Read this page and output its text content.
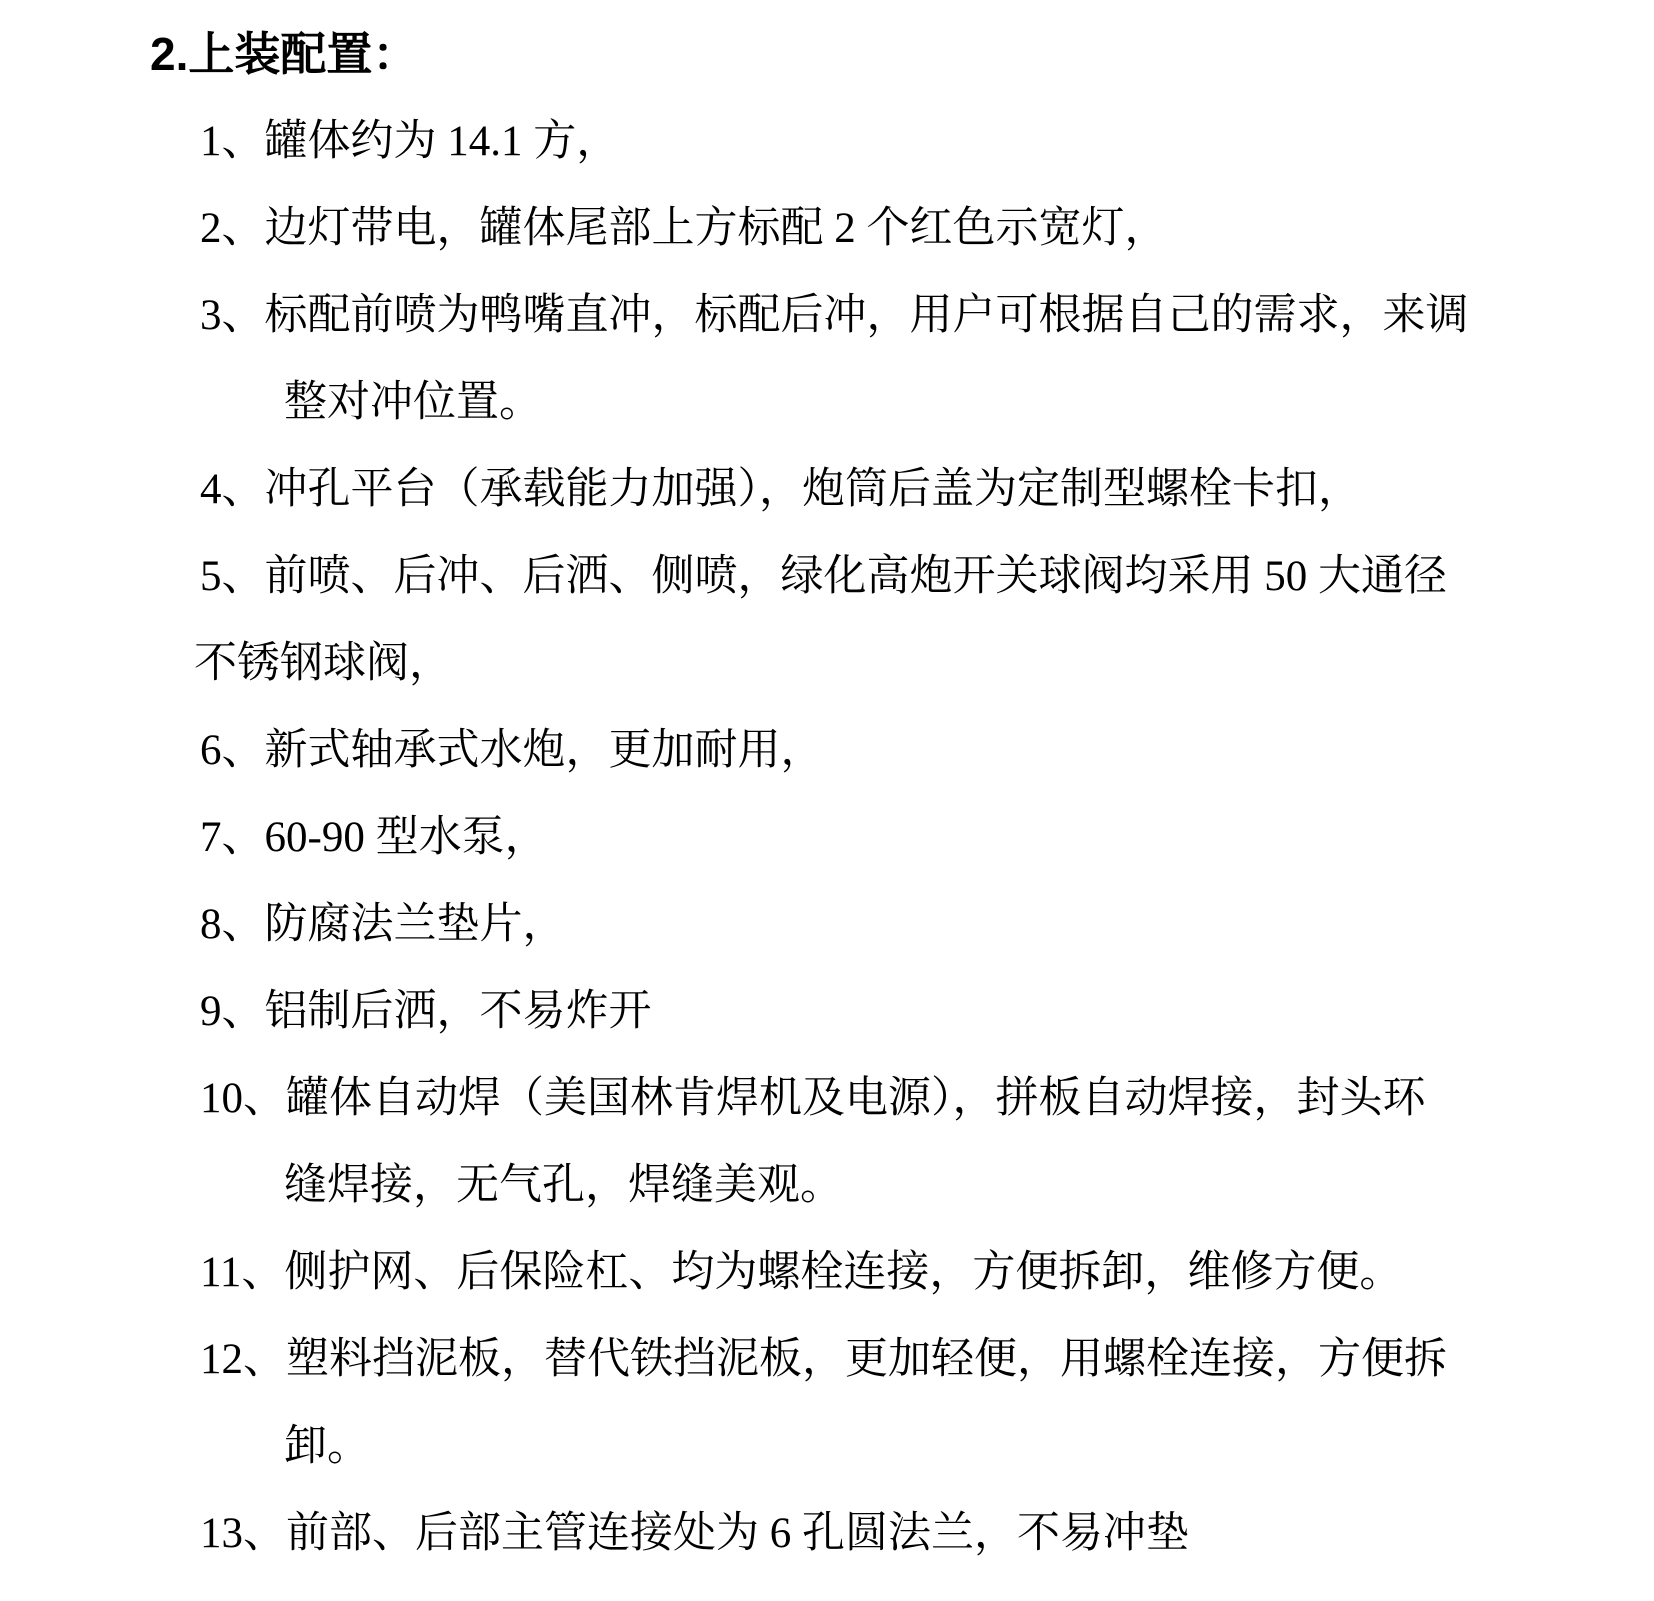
2.上装配置：
1、罐体约为 14.1 方，
2、边灯带电，罐体尾部上方标配 2 个红色示宽灯，
3、标配前喷为鸭嘴直冲，标配后冲，用户可根据自己的需求，来调
整对冲位置。
4、冲孔平台（承载能力加强），炮筒后盖为定制型螺栓卡扣，
5、前喷、后冲、后洒、侧喷，绿化高炮开关球阀均采用 50 大通径
不锈钢球阀，
6、新式轴承式水炮，更加耐用，
7、60-90 型水泵，
8、防腐法兰垫片，
9、铝制后洒，不易炸开
10、罐体自动焊（美国林肯焊机及电源），拼板自动焊接，封头环
缝焊接，无气孔，焊缝美观。
11、侧护网、后保险杠、均为螺栓连接，方便拆卸，维修方便。
12、塑料挡泥板，替代铁挡泥板，更加轻便，用螺栓连接，方便拆
卸。
13、前部、后部主管连接处为 6 孔圆法兰，不易冲垫
